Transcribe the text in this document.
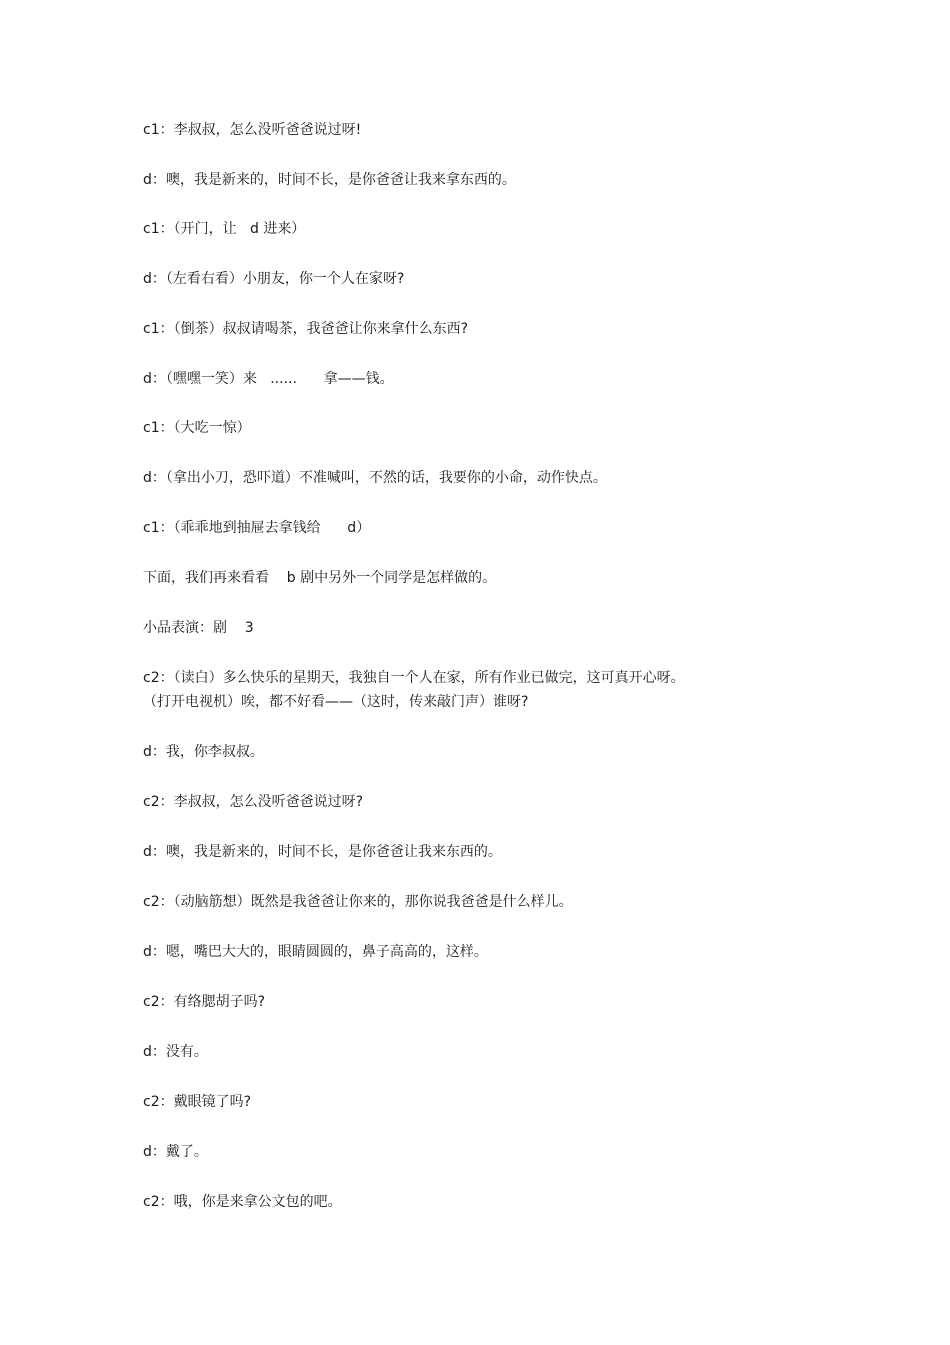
c1：李叔叔，怎么没听爸爸说过呀!
d：噢，我是新来的，时间不长，是你爸爸让我来拿东西的。
c1：（开门，让   d 进来）
d：（左看右看）小朋友，你一个人在家呀?
c1：（倒茶）叔叔请喝茶，我爸爸让你来拿什么东西?
d：（嘿嘿一笑）来   ......      拿——钱。
c1：（大吃一惊）
d：（拿出小刀，恐吓道）不准喊叫，不然的话，我要你的小命，动作快点。
c1：（乖乖地到抽屉去拿钱给      d）
下面，我们再来看看    b 剧中另外一个同学是怎样做的。
小品表演：剧    3
c2：（读白）多么快乐的星期天，我独自一个人在家，所有作业已做完，这可真开心呀。
（打开电视机）唉，都不好看——（这时，传来敲门声）谁呀?
d：我，你李叔叔。
c2：李叔叔，怎么没听爸爸说过呀?
d：噢，我是新来的，时间不长，是你爸爸让我来东西的。
c2：（动脑筋想）既然是我爸爸让你来的，那你说我爸爸是什么样儿。
d：嗯，嘴巴大大的，眼睛圆圆的，鼻子高高的，这样。
c2：有络腮胡子吗?
d：没有。
c2：戴眼镜了吗?
d：戴了。
c2：哦，你是来拿公文包的吧。
